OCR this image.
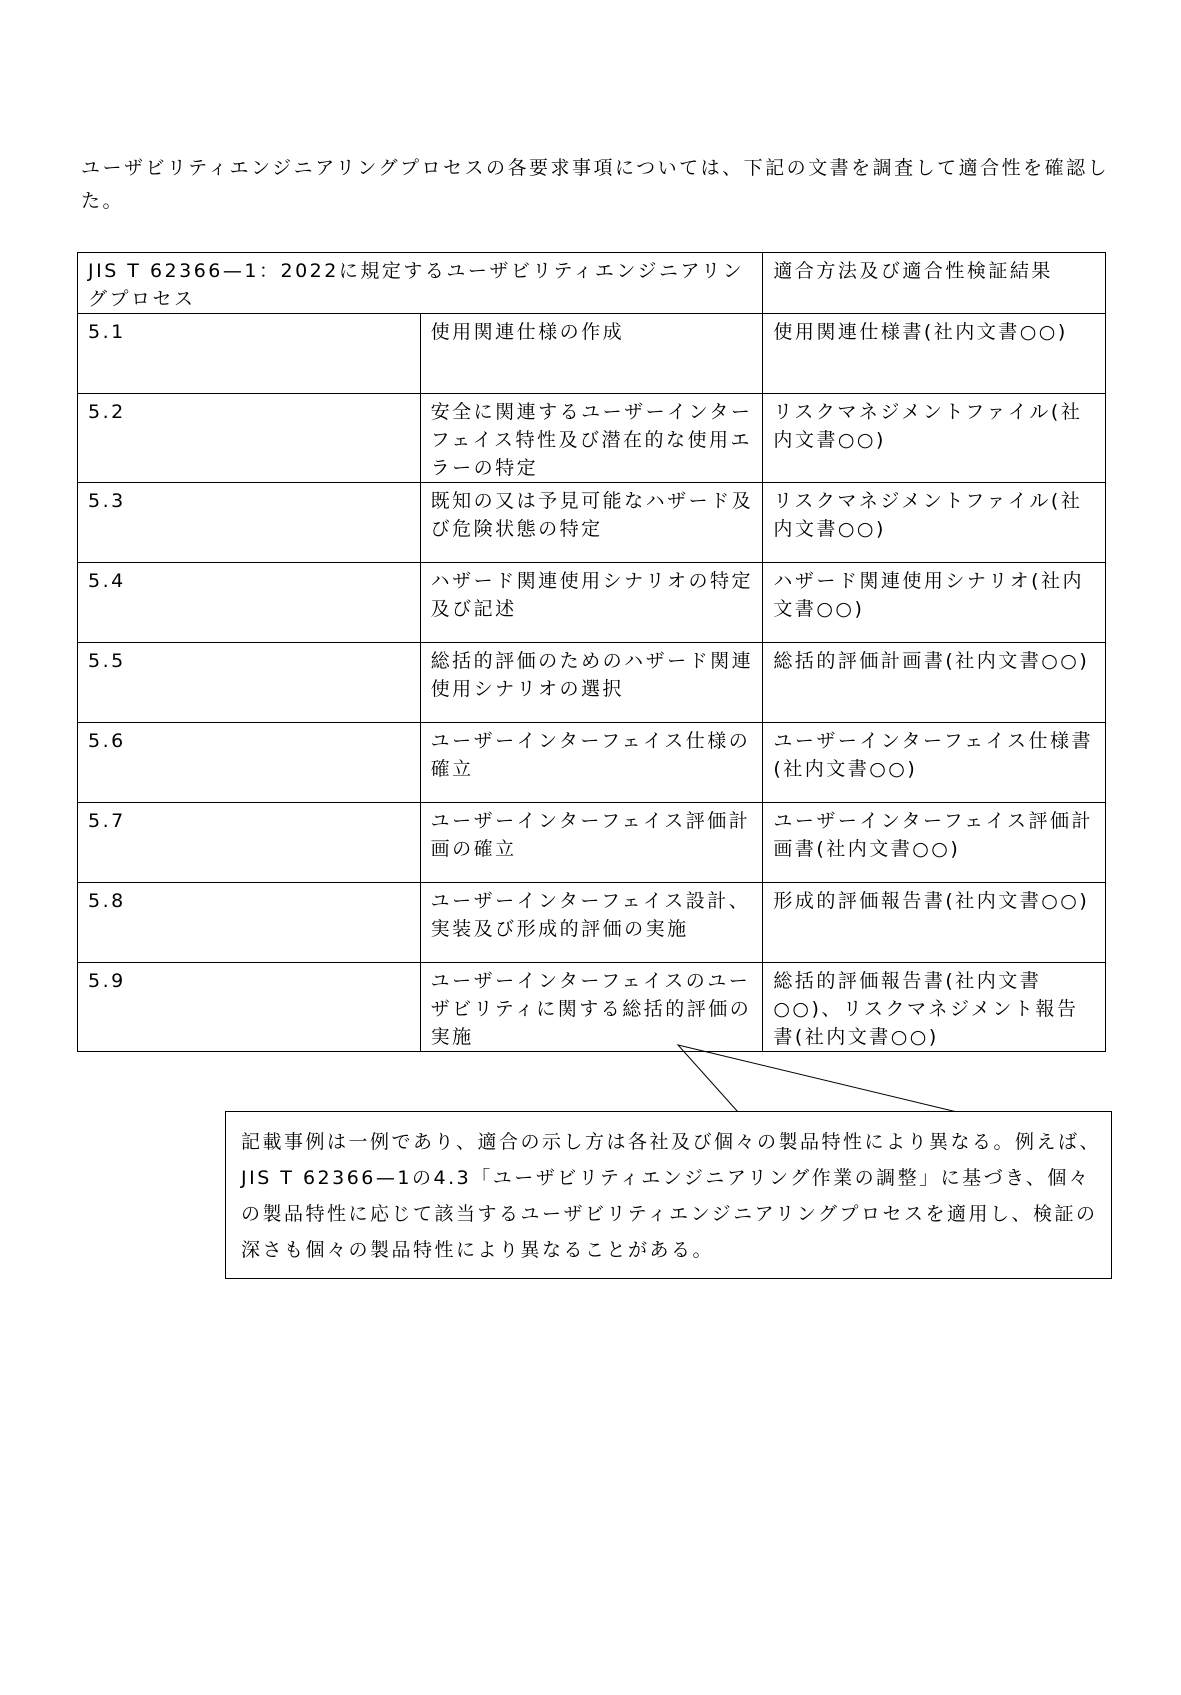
ユーザビリティエンジニアリングプロセスの各要求事項については、下記の文書を調査して適合性を確認した。

JIS T 62366—1：2022に規定するユーザビリティエンジニアリングプロセス		適合方法及び適合性検証結果
5.1	使用関連仕様の作成	使用関連仕様書(社内文書○○)
5.2	安全に関連するユーザーインターフェイス特性及び潜在的な使用エラーの特定	リスクマネジメントファイル(社内文書○○)
5.3	既知の又は予見可能なハザード及び危険状態の特定	リスクマネジメントファイル(社内文書○○)
5.4	ハザード関連使用シナリオの特定及び記述	ハザード関連使用シナリオ(社内文書○○)
5.5	総括的評価のためのハザード関連使用シナリオの選択	総括的評価計画書(社内文書○○)
5.6	ユーザーインターフェイス仕様の確立	ユーザーインターフェイス仕様書(社内文書○○)
5.7	ユーザーインターフェイス評価計画の確立	ユーザーインターフェイス評価計画書(社内文書○○)
5.8	ユーザーインターフェイス設計、実装及び形成的評価の実施	形成的評価報告書(社内文書○○)
5.9	ユーザーインターフェイスのユーザビリティに関する総括的評価の実施	総括的評価報告書(社内文書○○)、リスクマネジメント報告書(社内文書○○)
記載事例は一例であり、適合の示し方は各社及び個々の製品特性により異なる。例えば、JIS T 62366—1の4.3「ユーザビリティエンジニアリング作業の調整」に基づき、個々の製品特性に応じて該当するユーザビリティエンジニアリングプロセスを適用し、検証の深さも個々の製品特性により異なることがある。
